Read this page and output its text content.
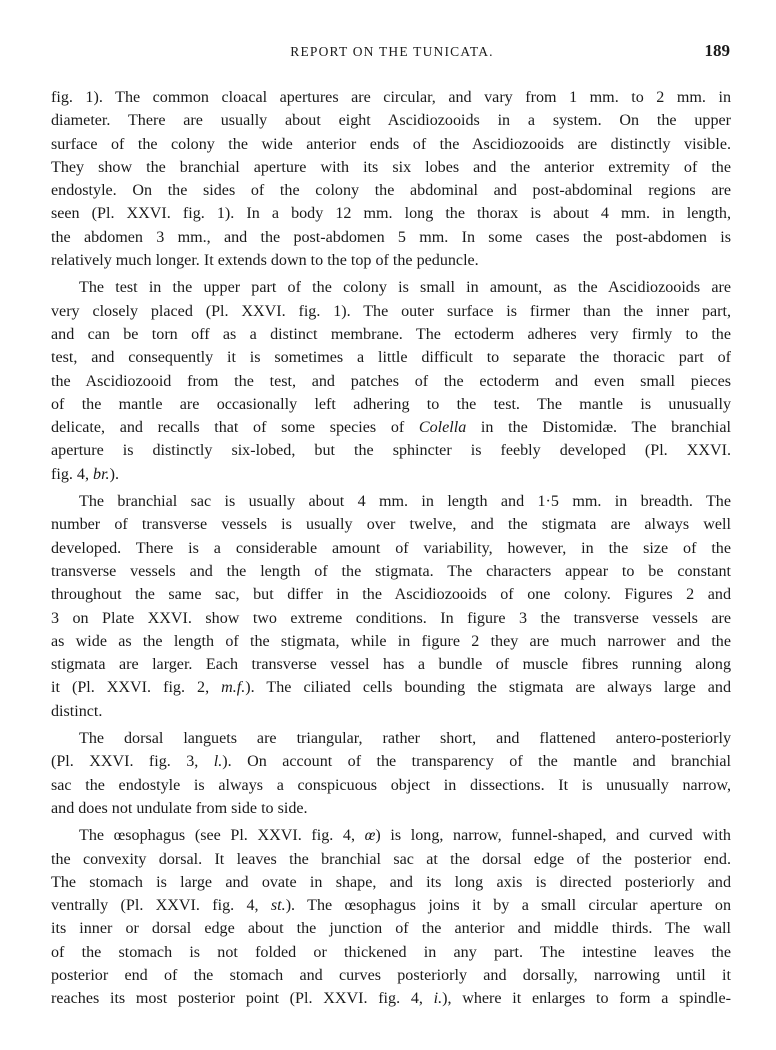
REPORT ON THE TUNICATA.	189

fig. 1). The common cloacal apertures are circular, and vary from 1 mm. to 2 mm. in
diameter. There are usually about eight Ascidiozooids in a system. On the upper
surface of the colony the wide anterior ends of the Ascidiozooids are distinctly visible.
They show the branchial aperture with its six lobes and the anterior extremity of the
endostyle. On the sides of the colony the abdominal and post-abdominal regions are
seen (Pl. XXVI. fig. 1). In a body 12 mm. long the thorax is about 4 mm. in length,
the abdomen 3 mm., and the post-abdomen 5 mm. In some cases the post-abdomen is
relatively much longer. It extends down to the top of the peduncle.

The test in the upper part of the colony is small in amount, as the Ascidiozooids are
very closely placed (Pl. XXVI. fig. 1). The outer surface is firmer than the inner part,
and can be torn off as a distinct membrane. The ectoderm adheres very firmly to the
test, and consequently it is sometimes a little difficult to separate the thoracic part of
the Ascidiozooid from the test, and patches of the ectoderm and even small pieces
of the mantle are occasionally left adhering to the test. The mantle is unusually
delicate, and recalls that of some species of Colella in the Distomidæ. The branchial
aperture is distinctly six-lobed, but the sphincter is feebly developed (Pl. XXVI.
fig. 4, br.).

The branchial sac is usually about 4 mm. in length and 1·5 mm. in breadth. The
number of transverse vessels is usually over twelve, and the stigmata are always well
developed. There is a considerable amount of variability, however, in the size of the
transverse vessels and the length of the stigmata. The characters appear to be constant
throughout the same sac, but differ in the Ascidiozooids of one colony. Figures 2 and
3 on Plate XXVI. show two extreme conditions. In figure 3 the transverse vessels are
as wide as the length of the stigmata, while in figure 2 they are much narrower and the
stigmata are larger. Each transverse vessel has a bundle of muscle fibres running along
it (Pl. XXVI. fig. 2, m.f.). The ciliated cells bounding the stigmata are always large and
distinct.

The dorsal languets are triangular, rather short, and flattened antero-posteriorly
(Pl. XXVI. fig. 3, l.). On account of the transparency of the mantle and branchial
sac the endostyle is always a conspicuous object in dissections. It is unusually narrow,
and does not undulate from side to side.

The œsophagus (see Pl. XXVI. fig. 4, œ) is long, narrow, funnel-shaped, and curved with
the convexity dorsal. It leaves the branchial sac at the dorsal edge of the posterior end.
The stomach is large and ovate in shape, and its long axis is directed posteriorly and
ventrally (Pl. XXVI. fig. 4, st.). The œsophagus joins it by a small circular aperture on
its inner or dorsal edge about the junction of the anterior and middle thirds. The wall
of the stomach is not folded or thickened in any part. The intestine leaves the
posterior end of the stomach and curves posteriorly and dorsally, narrowing until it
reaches its most posterior point (Pl. XXVI. fig. 4, i.), where it enlarges to form a spindle-
